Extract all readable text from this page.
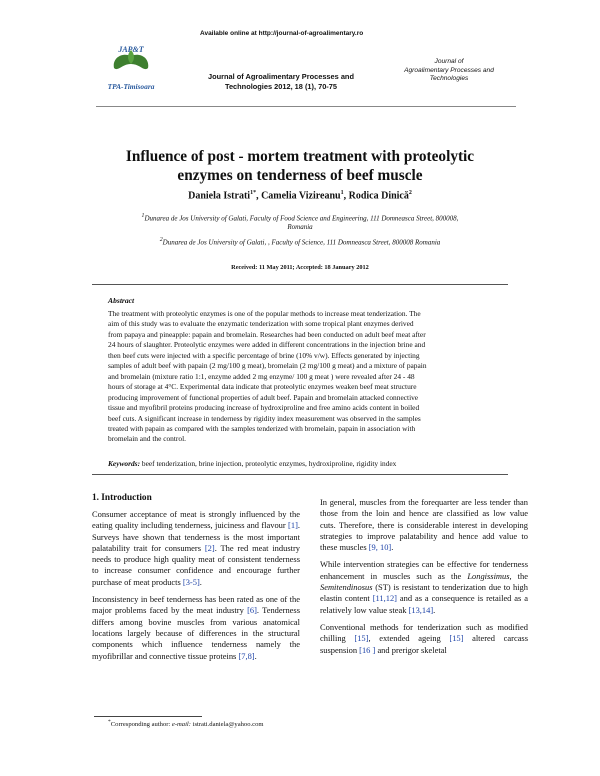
JAP&T
TPA-Timisoara
Available online at http://journal-of-agroalimentary.ro
Journal of Agroalimentary Processes and
Technologies 2012, 18 (1), 70-75
Journal of
Agroalimentary Processes and
Technologies
Influence of post - mortem treatment with proteolytic
enzymes on tenderness of beef muscle
Daniela Istrati$^{1*}$, Camelia Vizireanu$^1$, Rodica Dinică$^2$
$^1$Dunarea de Jos University of Galati, Faculty of Food Science and Engineering, 111 Domneasca Street, 800008,
Romania
$^2$Dunarea de Jos University of Galati, , Faculty of Science, 111 Domneasca Street, 800008 Romania
Received: 11 May 2011; Accepted: 18 January 2012
Abstract
The treatment with proteolytic enzymes is one of the popular methods to increase meat tenderization. The
aim of this study was to evaluate the enzymatic tenderization with some tropical plant enzymes derived
from papaya and pineapple: papain and bromelain. Researches had been conducted on adult beef meat after
24 hours of slaughter. Proteolytic enzymes were added in different concentrations in the injection brine and
then beef cuts were injected with a specific percentage of brine (10% v/w). Effects generated by injecting
samples of adult beef with papain (2 mg/100 g meat), bromelain (2 mg/100 g meat) and a mixture of papain
and bromelain (mixture ratio 1:1, enzyme added 2 mg enzyme/ 100 g meat ) were revealed after 24 - 48
hours of storage at 4°C. Experimental data indicate that proteolytic enzymes weaken beef meat structure
producing improvement of functional properties of adult beef. Papain and bromelain attacked connective
tissue and myofibril proteins producing increase of hydroxiproline and free amino acids content in boiled
beef cuts. A significant increase in tenderness by rigidity index measurement was observed in the samples
treated with papain as compared with the samples tenderized with bromelain, papain in association with
bromelain and the control.
Keywords: beef tenderization, brine injection, proteolytic enzymes, hydroxiproline, rigidity index
1. Introduction

Consumer acceptance of meat is strongly influenced by the eating quality including tenderness, juiciness and flavour [1]. Surveys have shown that tenderness is the most important palatability trait for consumers [2]. The red meat industry needs to produce high quality meat of consistent tenderness to increase consumer confidence and encourage further purchase of meat products [3-5].

Inconsistency in beef tenderness has been rated as one of the major problems faced by the meat industry [6]. Tenderness differs among bovine muscles from various anatomical locations largely because of differences in the structural components which influence tenderness namely the myofibrillar and connective tissue proteins [7,8].

In general, muscles from the forequarter are less tender than those from the loin and hence are classified as low value cuts. Therefore, there is considerable interest in developing strategies to improve palatability and hence add value to these muscles [9, 10].

While intervention strategies can be effective for tenderness enhancement in muscles such as the Longissimus, the Semitendinosus (ST) is resistant to tenderization due to high elastin content [11,12] and as a consequence is retailed as a relatively low value steak [13,14].

Conventional methods for tenderization such as modified chilling [15], extended ageing [15] altered carcass suspension [16 ] and prerigor skeletal

*Corresponding author: e-mail: istrati.daniela@yahoo.com
